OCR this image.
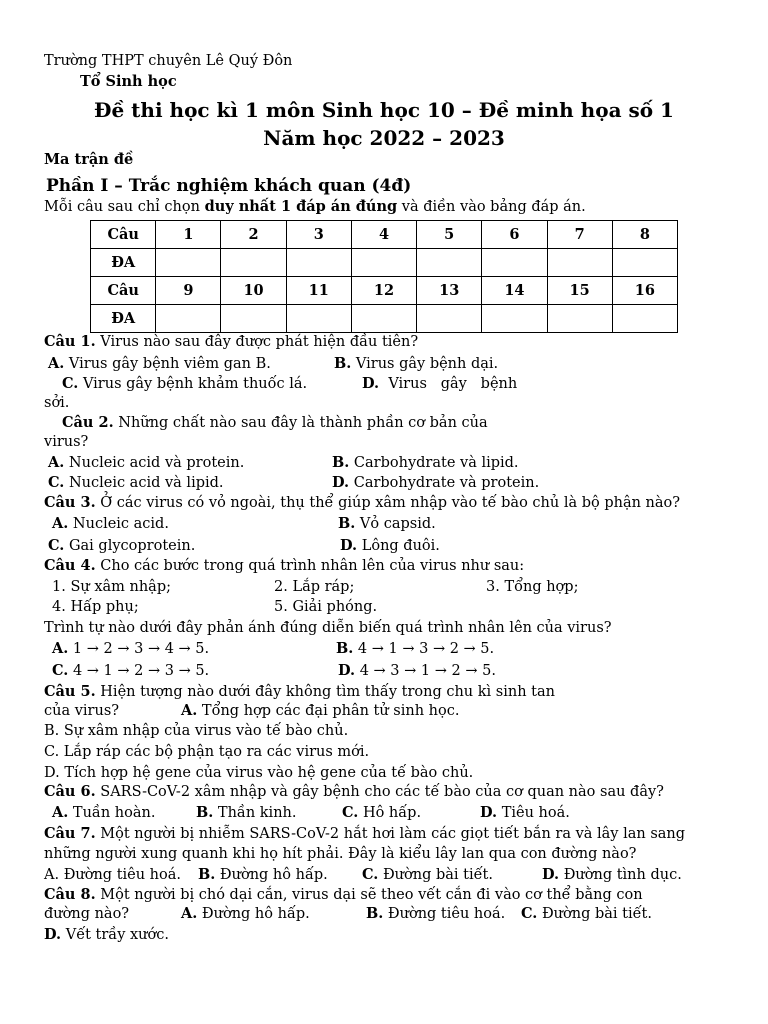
Trường THPT chuyên Lê Quý Đôn
Tổ Sinh học
Đề thi học kì 1 môn Sinh học 10 – Đề minh họa số 1
Năm học 2022 – 2023
Ma trận đề
Phần I – Trắc nghiệm khách quan (4đ)
Mỗi câu sau chỉ chọn duy nhất 1 đáp án đúng và điền vào bảng đáp án.
Câu	1	2	3	4	5	6	7	8
ĐA								
Câu	9	10	11	12	13	14	15	16
ĐA								
Câu 1. Virus nào sau đây được phát hiện đầu tiên?
A. Virus gây bệnh viêm gan B.	B. Virus gây bệnh dại.
C. Virus gây bệnh khảm thuốc lá.	D.  Virus   gây   bệnh
sởi.
Câu 2. Những chất nào sau đây là thành phần cơ bản của
virus?
A. Nucleic acid và protein.	B. Carbohydrate và lipid.
C. Nucleic acid và lipid.	D. Carbohydrate và protein.
Câu 3. Ở các virus có vỏ ngoài, thụ thể giúp xâm nhập vào tế bào chủ là bộ phận nào?
A. Nucleic acid.	B. Vỏ capsid.
C. Gai glycoprotein.	D. Lông đuôi.
Câu 4. Cho các bước trong quá trình nhân lên của virus như sau:
1. Sự xâm nhập;	2. Lắp ráp;	3. Tổng hợp;
4. Hấp phụ;	5. Giải phóng.
Trình tự nào dưới đây phản ánh đúng diễn biến quá trình nhân lên của virus?
A. 1 → 2 → 3 → 4 → 5.	B. 4 → 1 → 3 → 2 → 5.
C. 4 → 1 → 2 → 3 → 5.	D. 4 → 3 → 1 → 2 → 5.
Câu 5. Hiện tượng nào dưới đây không tìm thấy trong chu kì sinh tan
của virus?	A. Tổng hợp các đại phân tử sinh học.
B. Sự xâm nhập của virus vào tế bào chủ.
C. Lắp ráp các bộ phận tạo ra các virus mới.
D. Tích hợp hệ gene của virus vào hệ gene của tế bào chủ.
Câu 6. SARS-CoV-2 xâm nhập và gây bệnh cho các tế bào của cơ quan nào sau đây?
A. Tuần hoàn.	B. Thần kinh.	C. Hô hấp.	D. Tiêu hoá.
Câu 7. Một người bị nhiễm SARS-CoV-2 hắt hơi làm các giọt tiết bắn ra và lây lan sang
những người xung quanh khi họ hít phải. Đây là kiểu lây lan qua con đường nào?
A. Đường tiêu hoá. B. Đường hô hấp. C. Đường bài tiết.	D. Đường tình dục.
Câu 8. Một người bị chó dại cắn, virus dại sẽ theo vết cắn đi vào cơ thể bằng con
đường nào?	A. Đường hô hấp.	B. Đường tiêu hoá. C. Đường bài tiết.
D. Vết trầy xước.
